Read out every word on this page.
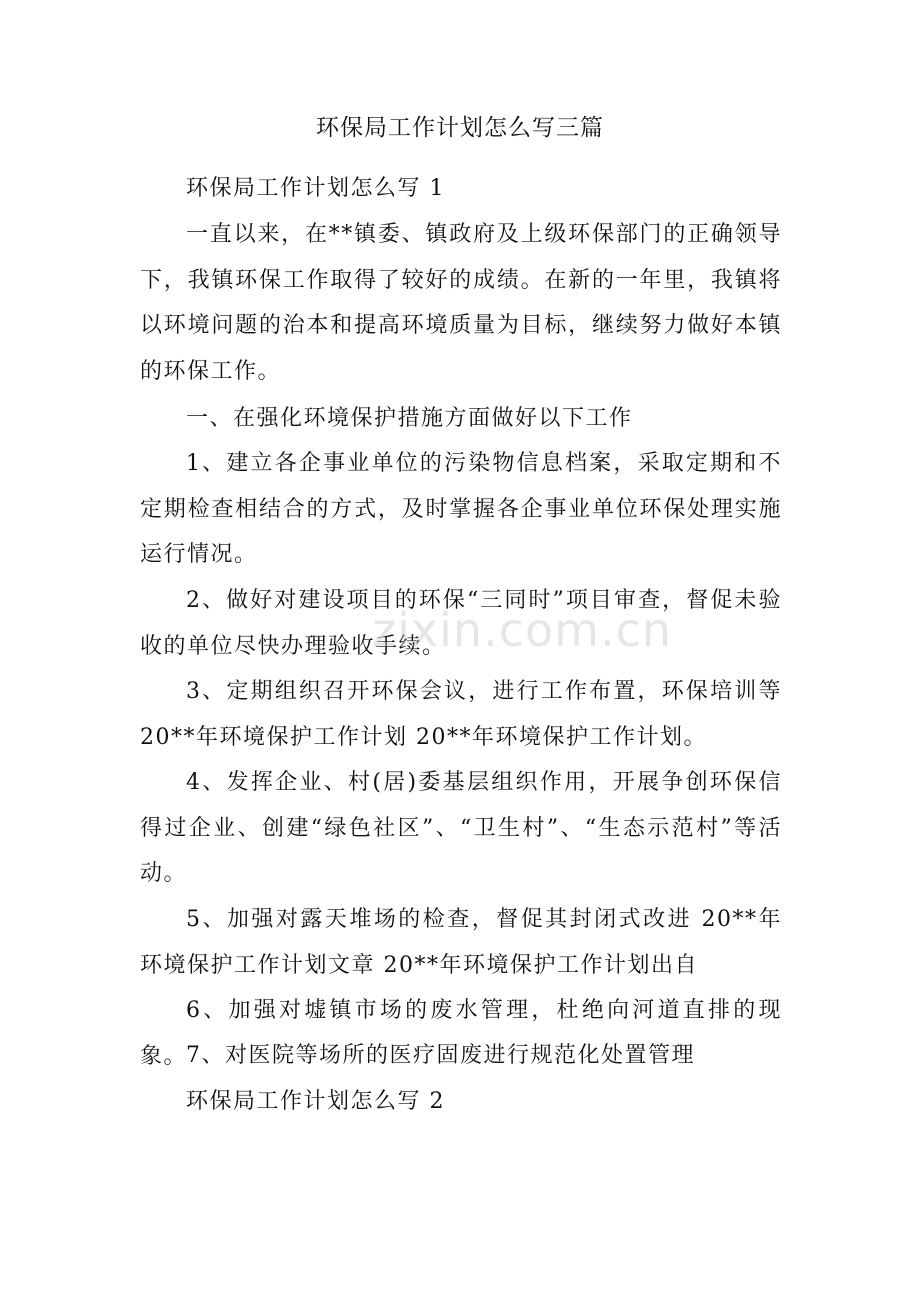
环保局工作计划怎么写三篇

环保局工作计划怎么写 1

一直以来，在**镇委、镇政府及上级环保部门的正确领导下，我镇环保工作取得了较好的成绩。在新的一年里，我镇将以环境问题的治本和提高环境质量为目标，继续努力做好本镇的环保工作。

一、在强化环境保护措施方面做好以下工作

1、建立各企事业单位的污染物信息档案，采取定期和不定期检查相结合的方式，及时掌握各企事业单位环保处理实施运行情况。

2、做好对建设项目的环保“三同时”项目审查，督促未验收的单位尽快办理验收手续。

3、定期组织召开环保会议，进行工作布置，环保培训等 20**年环境保护工作计划 20**年环境保护工作计划。

4、发挥企业、村(居)委基层组织作用，开展争创环保信得过企业、创建“绿色社区”、“卫生村”、“生态示范村”等活动。

5、加强对露天堆场的检查，督促其封闭式改进 20**年环境保护工作计划文章 20**年环境保护工作计划出自

6、加强对墟镇市场的废水管理，杜绝向河道直排的现象。

7、对医院等场所的医疗固废进行规范化处置管理

环保局工作计划怎么写 2

zixin.com.cn
